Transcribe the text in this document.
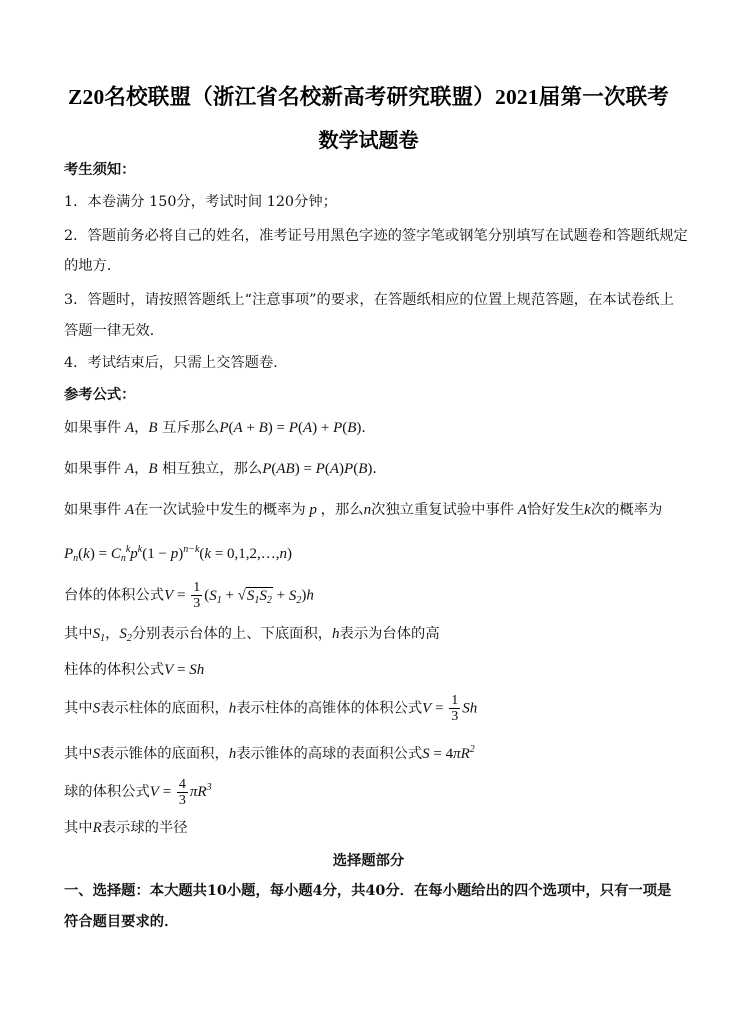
Z20名校联盟（浙江省名校新高考研究联盟）2021届第一次联考
数学试题卷
考生须知：
1．本卷满分 150分，考试时间 120分钟；
2．答题前务必将自己的姓名，准考证号用黑色字迹的签字笔或钢笔分别填写在试题卷和答题纸规定
的地方．
3．答题时，请按照答题纸上“注意事项”的要求，在答题纸相应的位置上规范答题，在本试卷纸上
答题一律无效．
4．考试结束后，只需上交答题卷．
参考公式：
如果事件 A，B 互斥那么P(A + B) = P(A) + P(B)．
如果事件 A，B 相互独立，那么P(AB) = P(A)P(B)．
如果事件 A在一次试验中发生的概率为 p ，那么n次独立重复试验中事件 A恰好发生k次的概率为
$P_n(k) = C_n^kp^k(1 - p)^{n-k}(k$ = 0,1,2,…,n)
台体的体积公式$V = \frac{1}{3} (S_1 + √S_1S_2 + S_2)h$
其中$S_1$，$S_2$分别表示台体的上、下底面积，h表示为台体的高
柱体的体积公式V = Sh
其中S表示柱体的底面积，h表示柱体的高锥体的体积公式$V = \frac{1}{3}$ Sh
其中S表示锥体的底面积，h表示锥体的高球的表面积公式$S = 4\pi R^2$
球的体积公式$V = \frac{4}{3} \pi R^3$
其中R表示球的半径
选择题部分
一、选择题：本大题共10小题，每小题4分，共40分．在每小题给出的四个选项中，只有一项是
符合题目要求的．
